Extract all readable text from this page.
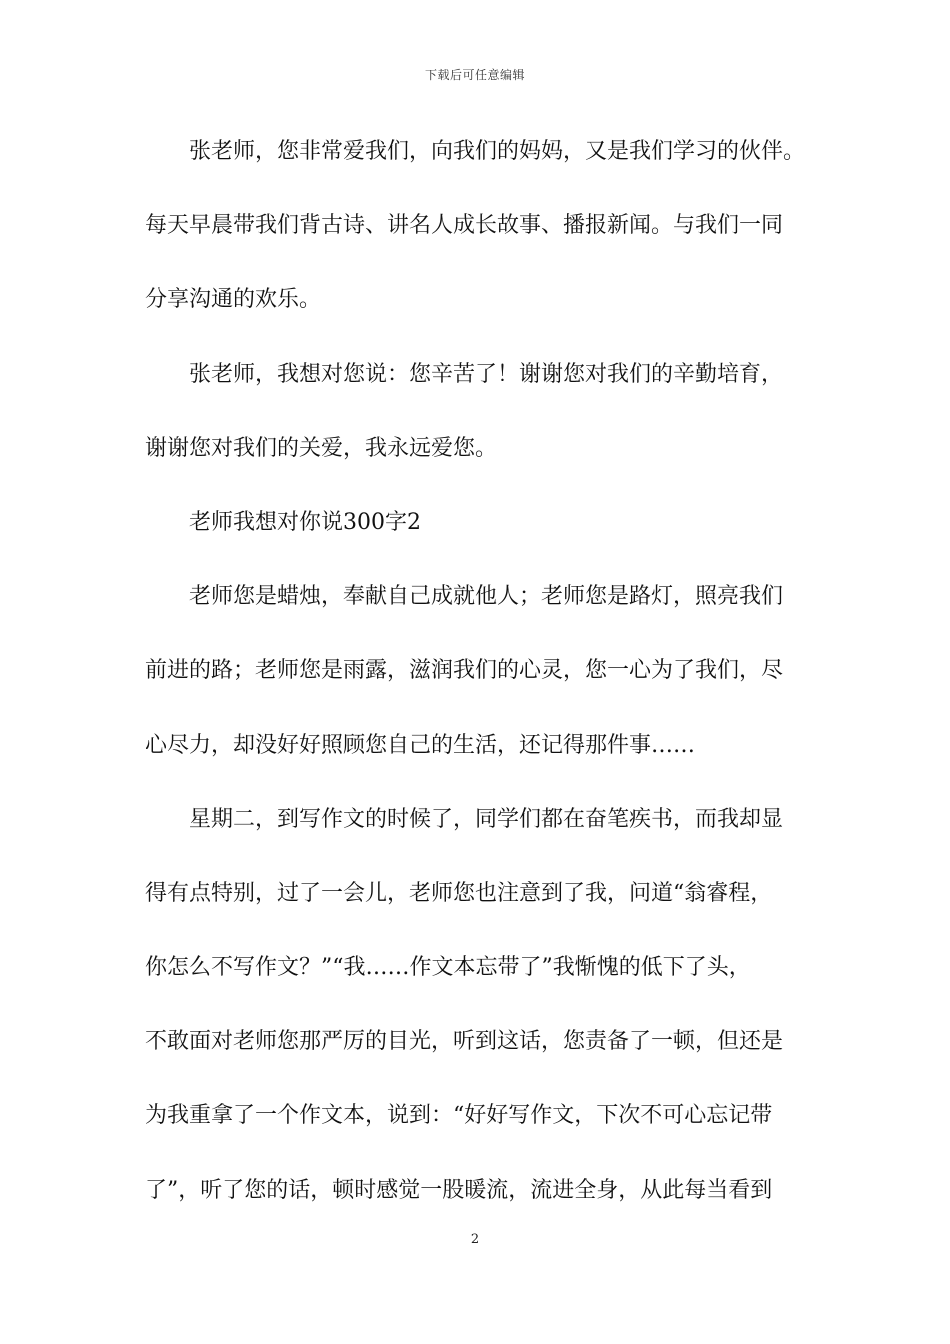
下载后可任意编辑
张老师，您非常爱我们，向我们的妈妈，又是我们学习的伙伴。
每天早晨带我们背古诗、讲名人成长故事、播报新闻。与我们一同
分享沟通的欢乐。
张老师，我想对您说：您辛苦了！谢谢您对我们的辛勤培育，
谢谢您对我们的关爱，我永远爱您。
老师我想对你说300字2
老师您是蜡烛，奉献自己成就他人；老师您是路灯，照亮我们
前进的路；老师您是雨露，滋润我们的心灵，您一心为了我们，尽
心尽力，却没好好照顾您自己的生活，还记得那件事……
星期二，到写作文的时候了，同学们都在奋笔疾书，而我却显
得有点特别，过了一会儿，老师您也注意到了我，问道“翁睿程，
你怎么不写作文？”“我……作文本忘带了”我惭愧的低下了头，
不敢面对老师您那严厉的目光，听到这话，您责备了一顿，但还是
为我重拿了一个作文本，说到：“好好写作文，下次不可心忘记带
了”，听了您的话，顿时感觉一股暖流，流进全身，从此每当看到
2
